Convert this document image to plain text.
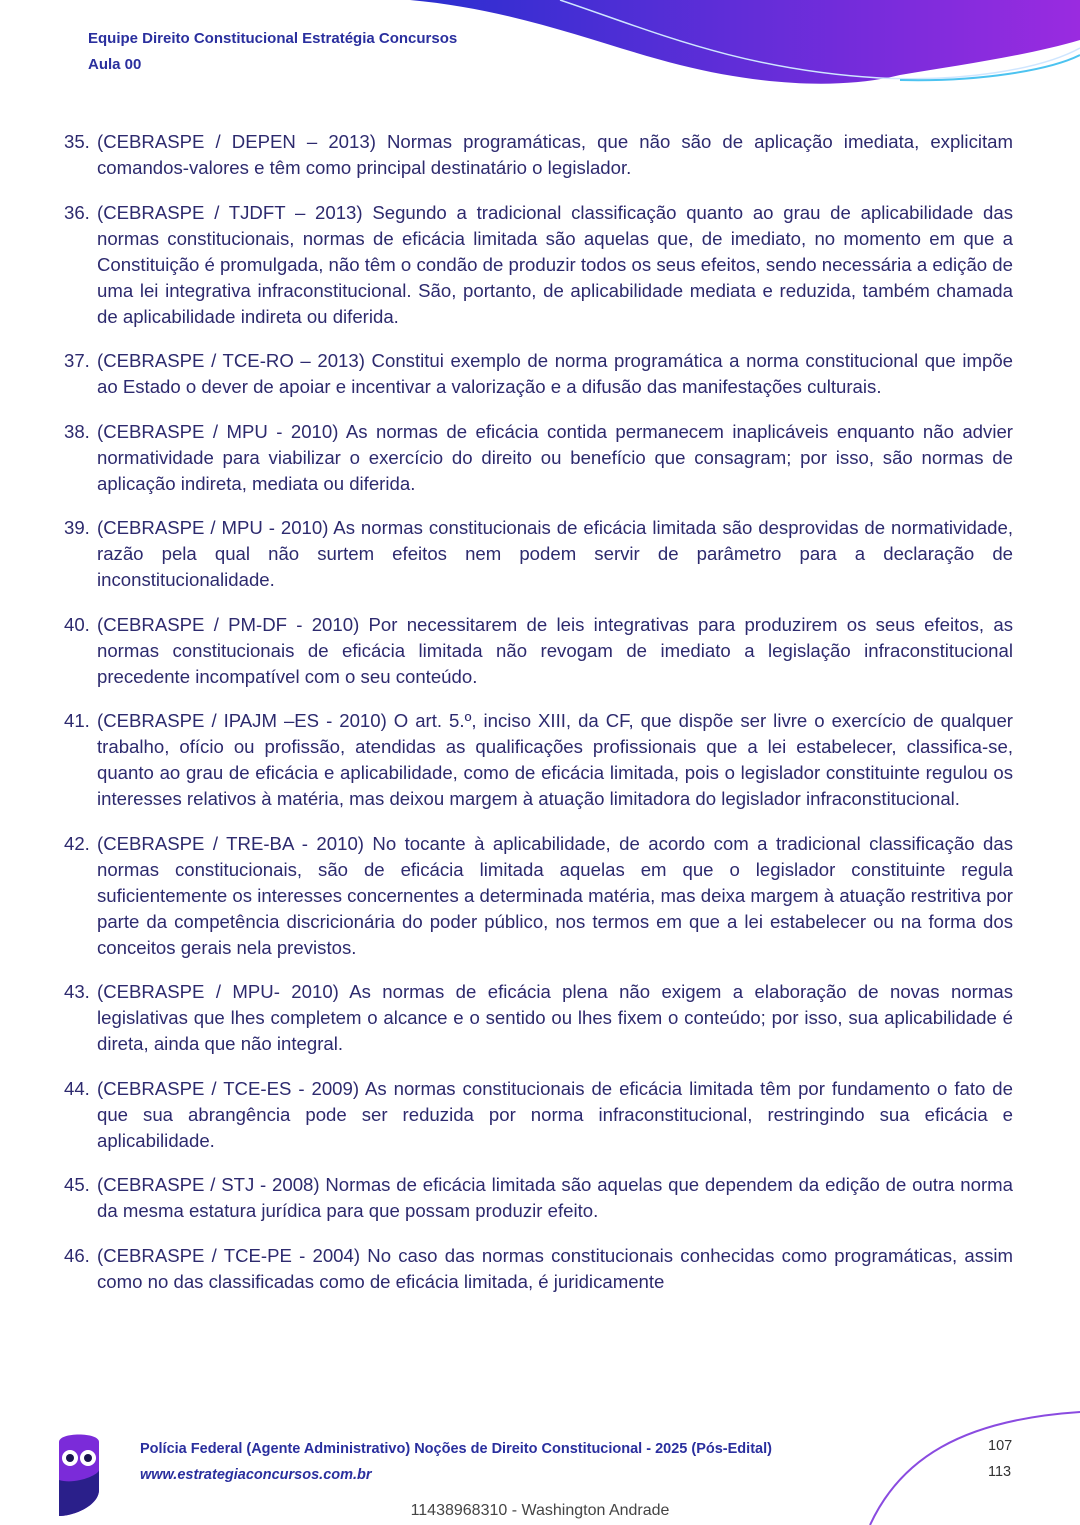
Equipe Direito Constitucional Estratégia Concursos
Aula 00

35. (CEBRASPE / DEPEN – 2013) Normas programáticas, que não são de aplicação imediata, explicitam comandos-valores e têm como principal destinatário o legislador.

36. (CEBRASPE / TJDFT – 2013) Segundo a tradicional classificação quanto ao grau de aplicabilidade das normas constitucionais, normas de eficácia limitada são aquelas que, de imediato, no momento em que a Constituição é promulgada, não têm o condão de produzir todos os seus efeitos, sendo necessária a edição de uma lei integrativa infraconstitucional. São, portanto, de aplicabilidade mediata e reduzida, também chamada de aplicabilidade indireta ou diferida.

37. (CEBRASPE / TCE-RO – 2013) Constitui exemplo de norma programática a norma constitucional que impõe ao Estado o dever de apoiar e incentivar a valorização e a difusão das manifestações culturais.

38. (CEBRASPE / MPU - 2010) As normas de eficácia contida permanecem inaplicáveis enquanto não advier normatividade para viabilizar o exercício do direito ou benefício que consagram; por isso, são normas de aplicação indireta, mediata ou diferida.

39. (CEBRASPE / MPU - 2010) As normas constitucionais de eficácia limitada são desprovidas de normatividade, razão pela qual não surtem efeitos nem podem servir de parâmetro para a declaração de inconstitucionalidade.

40. (CEBRASPE / PM-DF - 2010) Por necessitarem de leis integrativas para produzirem os seus efeitos, as normas constitucionais de eficácia limitada não revogam de imediato a legislação infraconstitucional precedente incompatível com o seu conteúdo.

41. (CEBRASPE / IPAJM –ES - 2010) O art. 5.º, inciso XIII, da CF, que dispõe ser livre o exercício de qualquer trabalho, ofício ou profissão, atendidas as qualificações profissionais que a lei estabelecer, classifica-se, quanto ao grau de eficácia e aplicabilidade, como de eficácia limitada, pois o legislador constituinte regulou os interesses relativos à matéria, mas deixou margem à atuação limitadora do legislador infraconstitucional.

42. (CEBRASPE / TRE-BA - 2010) No tocante à aplicabilidade, de acordo com a tradicional classificação das normas constitucionais, são de eficácia limitada aquelas em que o legislador constituinte regula suficientemente os interesses concernentes a determinada matéria, mas deixa margem à atuação restritiva por parte da competência discricionária do poder público, nos termos em que a lei estabelecer ou na forma dos conceitos gerais nela previstos.

43. (CEBRASPE / MPU- 2010) As normas de eficácia plena não exigem a elaboração de novas normas legislativas que lhes completem o alcance e o sentido ou lhes fixem o conteúdo; por isso, sua aplicabilidade é direta, ainda que não integral.

44. (CEBRASPE / TCE-ES - 2009) As normas constitucionais de eficácia limitada têm por fundamento o fato de que sua abrangência pode ser reduzida por norma infraconstitucional, restringindo sua eficácia e aplicabilidade.

45. (CEBRASPE / STJ - 2008) Normas de eficácia limitada são aquelas que dependem da edição de outra norma da mesma estatura jurídica para que possam produzir efeito.

46. (CEBRASPE / TCE-PE - 2004) No caso das normas constitucionais conhecidas como programáticas, assim como no das classificadas como de eficácia limitada, é juridicamente

Polícia Federal (Agente Administrativo) Noções de Direito Constitucional - 2025 (Pós-Edital)
www.estrategiaconcursos.com.br
107
113
11438968310 - Washington Andrade
